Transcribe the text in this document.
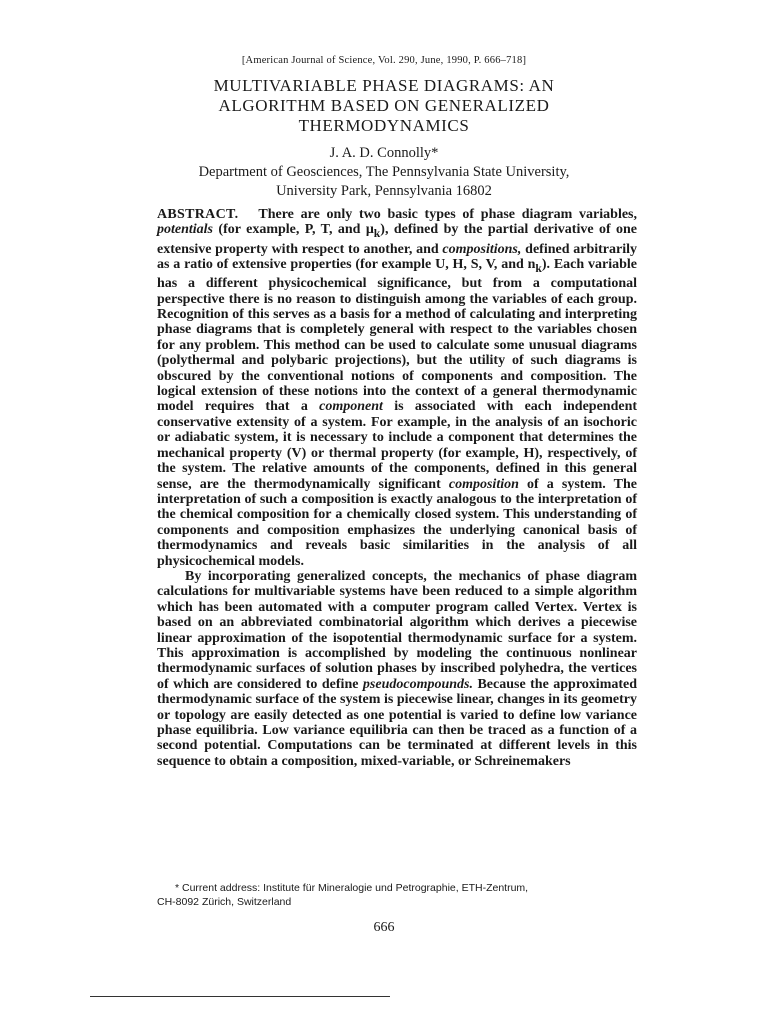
[American Journal of Science, Vol. 290, June, 1990, P. 666–718]
MULTIVARIABLE PHASE DIAGRAMS: AN
ALGORITHM BASED ON GENERALIZED
THERMODYNAMICS
J. A. D. Connolly*
Department of Geosciences, The Pennsylvania State University,
University Park, Pennsylvania 16802

ABSTRACT. There are only two basic types of phase diagram variables, potentials (for example, P, T, and $\mu_k$), defined by the partial derivative of one extensive property with respect to another, and compositions, defined arbitrarily as a ratio of extensive properties (for example U, H, S, V, and $n_k$). Each variable has a different physicochemical significance, but from a computational perspective there is no reason to distinguish among the variables of each group. Recognition of this serves as a basis for a method of calculating and interpreting phase diagrams that is completely general with respect to the variables chosen for any problem. This method can be used to calculate some unusual diagrams (polythermal and polybaric projections), but the utility of such diagrams is obscured by the conventional notions of components and composition. The logical extension of these notions into the context of a general thermodynamic model requires that a component is associated with each independent conservative extensity of a system. For example, in the analysis of an isochoric or adiabatic system, it is necessary to include a component that determines the mechanical property (V) or thermal property (for example, H), respectively, of the system. The relative amounts of the components, defined in this general sense, are the thermodynamically significant composition of a system. The interpretation of such a composition is exactly analogous to the interpretation of the chemical composition for a chemically closed system. This understanding of components and composition emphasizes the underlying canonical basis of thermodynamics and reveals basic similarities in the analysis of all physicochemical models.

By incorporating generalized concepts, the mechanics of phase diagram calculations for multivariable systems have been reduced to a simple algorithm which has been automated with a computer program called Vertex. Vertex is based on an abbreviated combinatorial algorithm which derives a piecewise linear approximation of the isopotential thermodynamic surface for a system. This approximation is accomplished by modeling the continuous nonlinear thermodynamic surfaces of solution phases by inscribed polyhedra, the vertices of which are considered to define pseudocompounds. Because the approximated thermodynamic surface of the system is piecewise linear, changes in its geometry or topology are easily detected as one potential is varied to define low variance phase equilibria. Low variance equilibria can then be traced as a function of a second potential. Computations can be terminated at different levels in this sequence to obtain a composition, mixed-variable, or Schreinemakers

* Current address: Institute für Mineralogie und Petrographie, ETH-Zentrum,

CH-8092 Zürich, Switzerland
666
